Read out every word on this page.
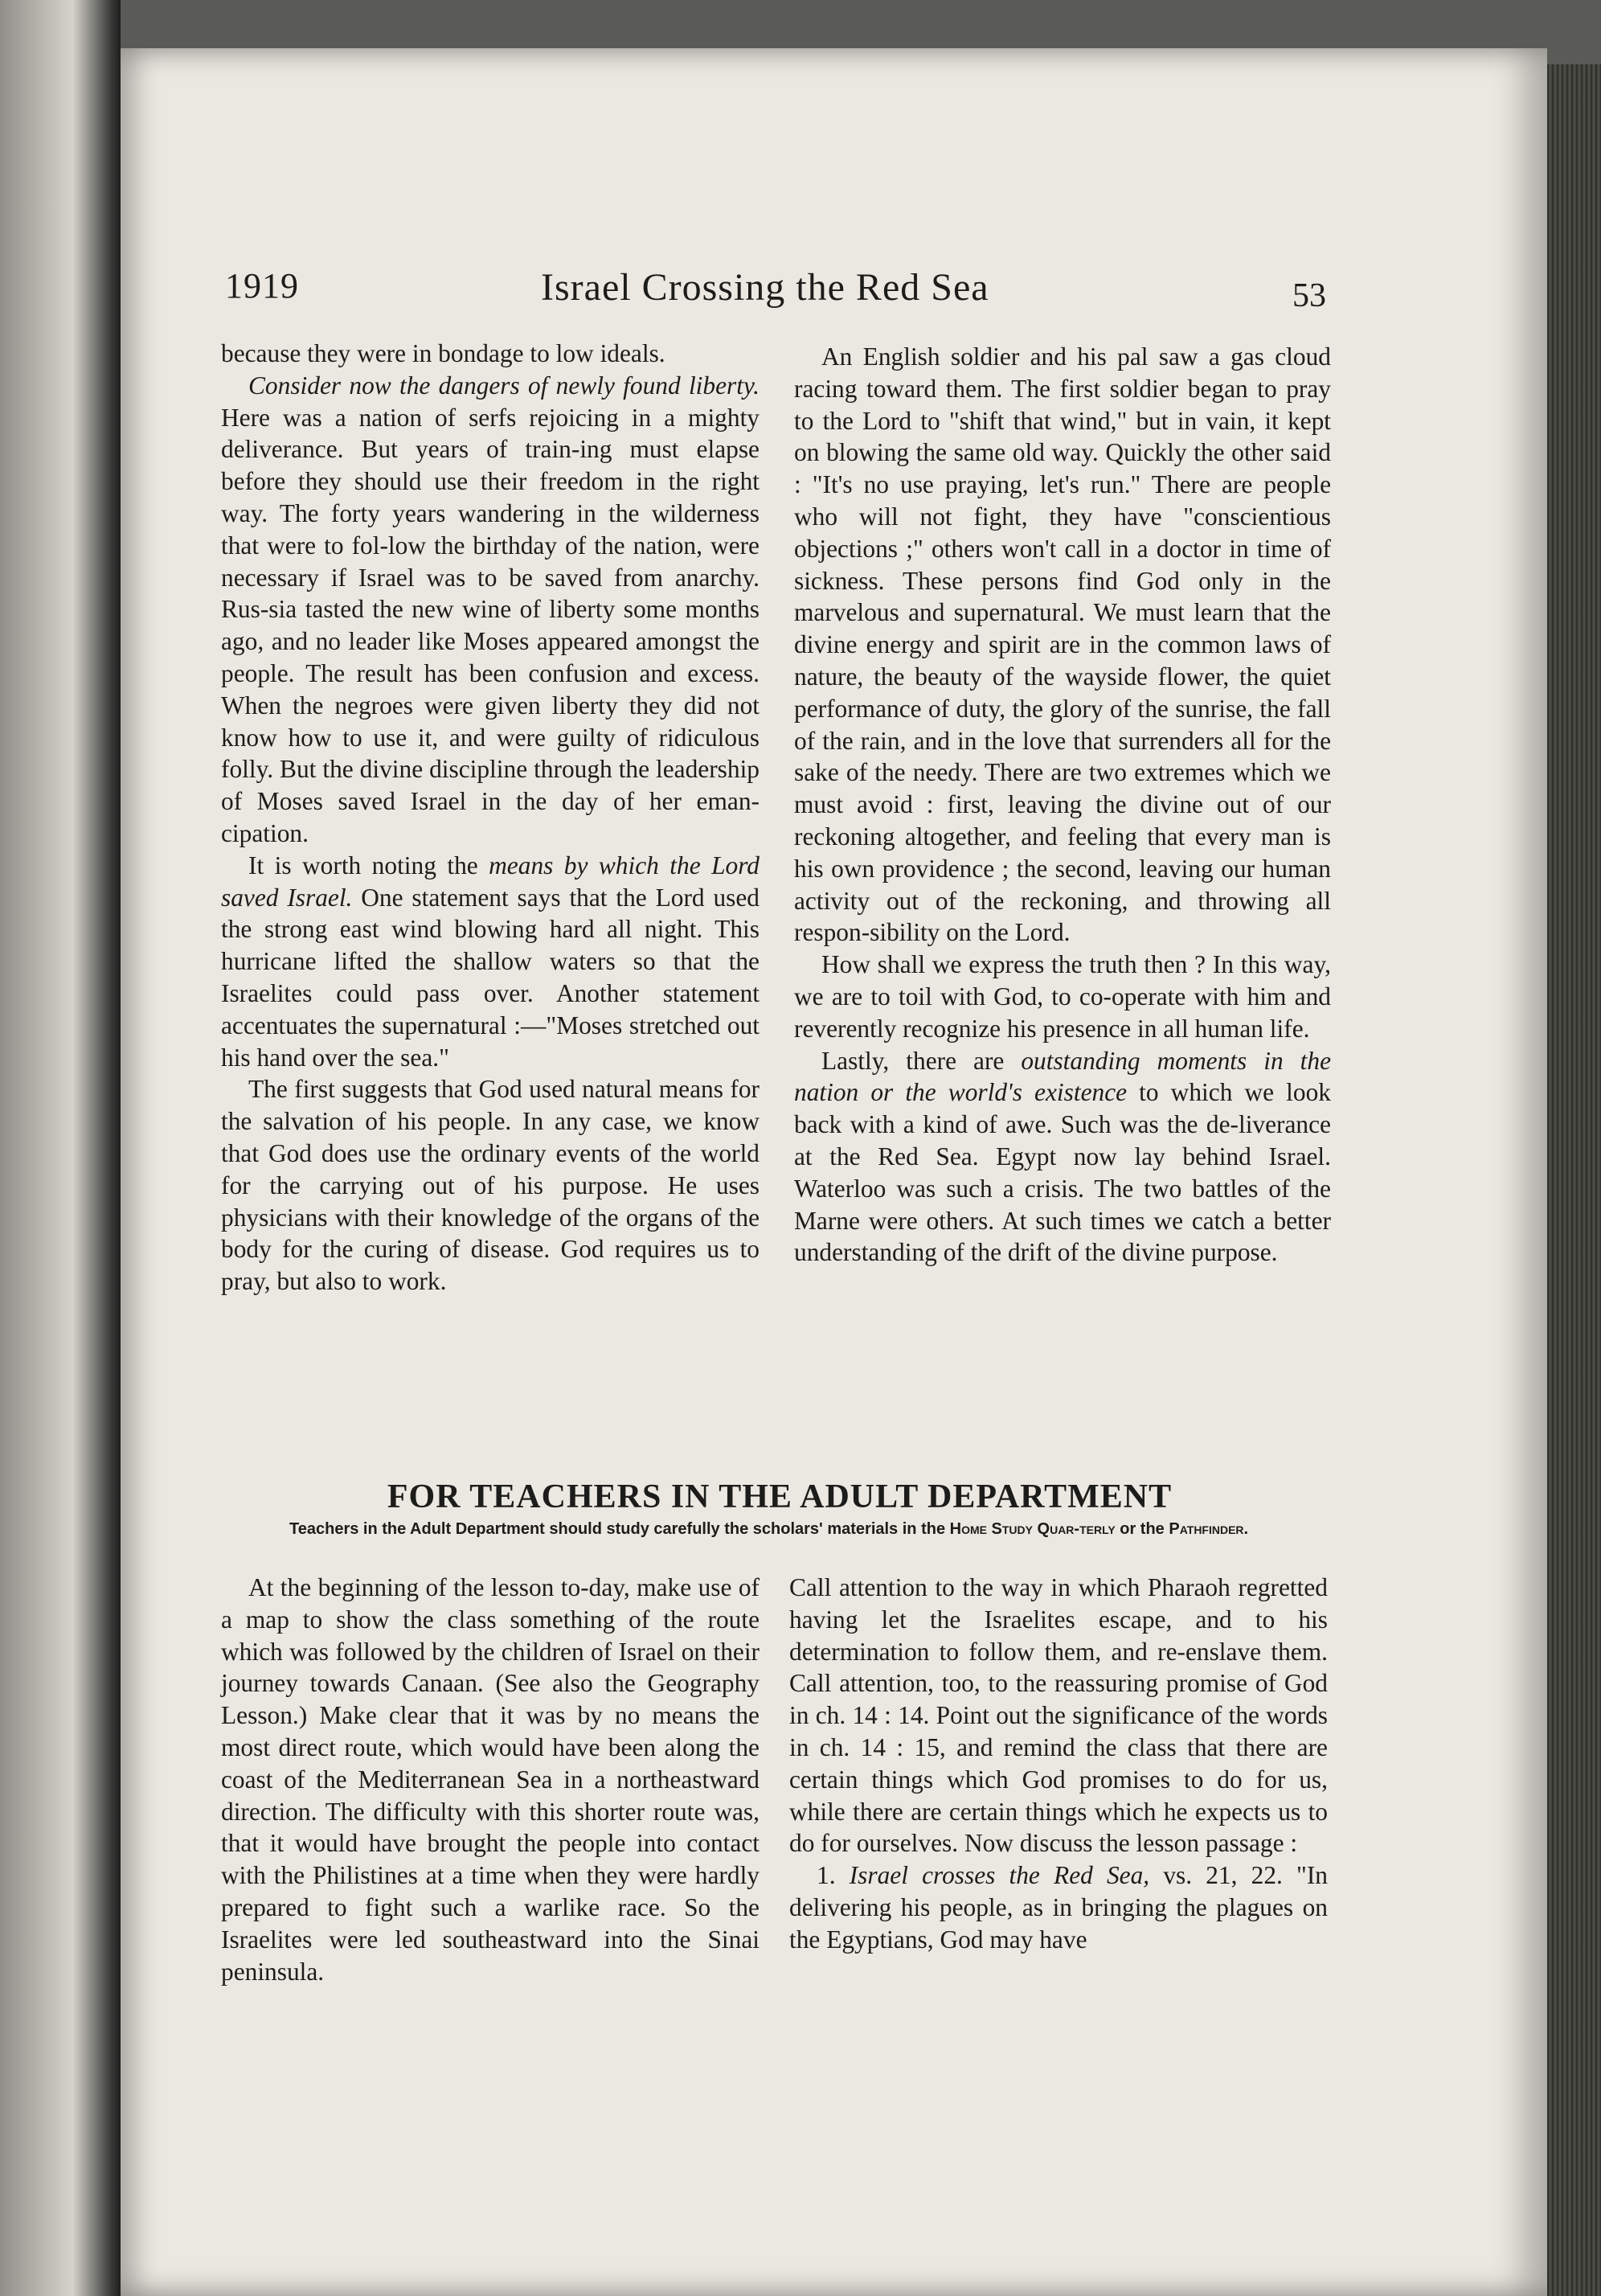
1919	Israel Crossing the Red Sea	53

because they were in bondage to low ideals.

Consider now the dangers of newly found liberty. Here was a nation of serfs rejoicing in a mighty deliverance. But years of train-ing must elapse before they should use their freedom in the right way. The forty years wandering in the wilderness that were to fol-low the birthday of the nation, were necessary if Israel was to be saved from anarchy. Rus-sia tasted the new wine of liberty some months ago, and no leader like Moses appeared amongst the people. The result has been confusion and excess. When the negroes were given liberty they did not know how to use it, and were guilty of ridiculous folly. But the divine discipline through the leadership of Moses saved Israel in the day of her eman-cipation.

It is worth noting the means by which the Lord saved Israel. One statement says that the Lord used the strong east wind blowing hard all night. This hurricane lifted the shallow waters so that the Israelites could pass over. Another statement accentuates the supernatural :—"Moses stretched out his hand over the sea."

The first suggests that God used natural means for the salvation of his people. In any case, we know that God does use the ordinary events of the world for the carrying out of his purpose. He uses physicians with their knowledge of the organs of the body for the curing of disease. God requires us to pray, but also to work.

An English soldier and his pal saw a gas cloud racing toward them. The first soldier began to pray to the Lord to "shift that wind," but in vain, it kept on blowing the same old way. Quickly the other said : "It's no use praying, let's run." There are people who will not fight, they have "conscientious objections ;" others won't call in a doctor in time of sickness. These persons find God only in the marvelous and supernatural. We must learn that the divine energy and spirit are in the common laws of nature, the beauty of the wayside flower, the quiet performance of duty, the glory of the sunrise, the fall of the rain, and in the love that surrenders all for the sake of the needy. There are two extremes which we must avoid : first, leaving the divine out of our reckoning altogether, and feeling that every man is his own providence ; the second, leaving our human activity out of the reckoning, and throwing all respon-sibility on the Lord.

How shall we express the truth then ? In this way, we are to toil with God, to co-operate with him and reverently recognize his presence in all human life.

Lastly, there are outstanding moments in the nation or the world's existence to which we look back with a kind of awe. Such was the de-liverance at the Red Sea. Egypt now lay behind Israel. Waterloo was such a crisis. The two battles of the Marne were others. At such times we catch a better understanding of the drift of the divine purpose.

FOR TEACHERS IN THE ADULT DEPARTMENT
Teachers in the Adult Department should study carefully the scholars' materials in the Home Study Quar-terly or the Pathfinder.

At the beginning of the lesson to-day, make use of a map to show the class something of the route which was followed by the children of Israel on their journey towards Canaan. (See also the Geography Lesson.) Make clear that it was by no means the most direct route, which would have been along the coast of the Mediterranean Sea in a northeastward direction. The difficulty with this shorter route was, that it would have brought the people into contact with the Philistines at a time when they were hardly prepared to fight such a warlike race. So the Israelites were led southeastward into the Sinai peninsula.

Call attention to the way in which Pharaoh regretted having let the Israelites escape, and to his determination to follow them, and re-enslave them. Call attention, too, to the reassuring promise of God in ch. 14 : 14. Point out the significance of the words in ch. 14 : 15, and remind the class that there are certain things which God promises to do for us, while there are certain things which he expects us to do for ourselves. Now discuss the lesson passage :

1. Israel crosses the Red Sea, vs. 21, 22. "In delivering his people, as in bringing the plagues on the Egyptians, God may have
